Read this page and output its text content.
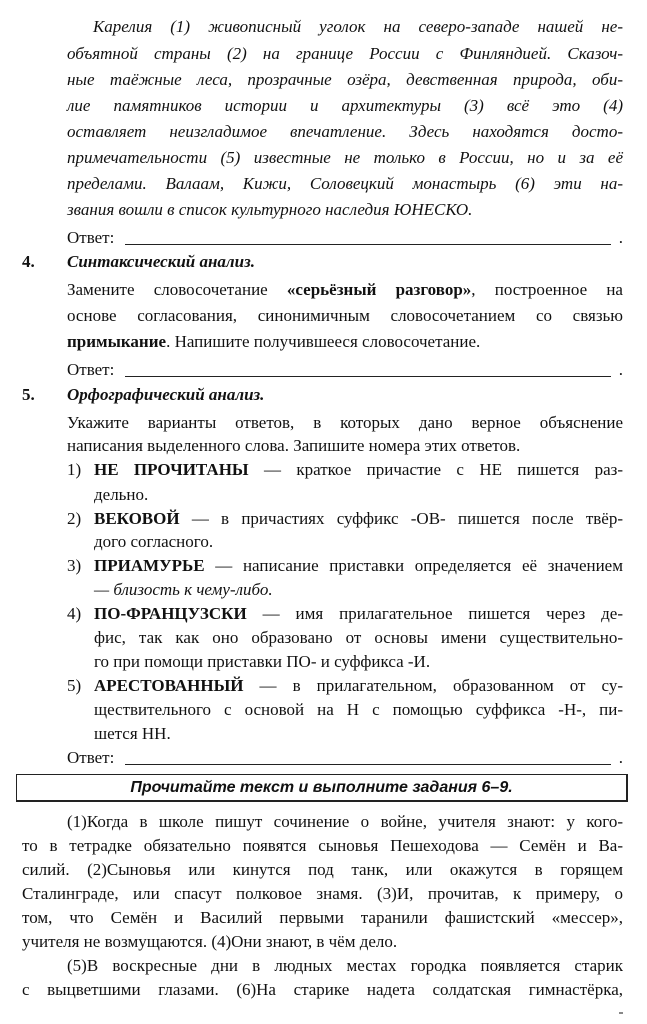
Карелия (1) живописный уголок на северо-западе нашей не-
объятной страны (2) на границе России с Финляндией. Сказоч-
ные таёжные леса, прозрачные озёра, девственная природа, оби-
лие памятников истории и архитектуры (3) всё это (4)
оставляет неизгладимое впечатление. Здесь находятся досто-
примечательности (5) известные не только в России, но и за её
пределами. Валаам, Кижи, Соловецкий монастырь (6) эти на-
звания вошли в список культурного наследия ЮНЕСКО.
Ответ:	.
4. Синтаксический анализ.
Замените словосочетание «серьёзный разговор», построенное на
основе согласования, синонимичным словосочетанием со связью
примыкание. Напишите получившееся словосочетание.
Ответ:	.
5. Орфографический анализ.
Укажите варианты ответов, в которых дано верное объяснение
написания выделенного слова. Запишите номера этих ответов.
1) НЕ ПРОЧИТАНЫ — краткое причастие с НЕ пишется раз-
дельно.
2) ВЕКОВОЙ — в причастиях суффикс -ОВ- пишется после твёр-
дого согласного.
3) ПРИАМУРЬЕ — написание приставки определяется её значением
— близость к чему-либо.
4) ПО-ФРАНЦУЗСКИ — имя прилагательное пишется через де-
фис, так как оно образовано от основы имени существительно-
го при помощи приставки ПО- и суффикса -И.
5) АРЕСТОВАННЫЙ — в прилагательном, образованном от су-
ществительного с основой на Н с помощью суффикса -Н-, пи-
шется НН.
Ответ:	.
Прочитайте текст и выполните задания 6–9.
(1)Когда в школе пишут сочинение о войне, учителя знают: у кого-
то в тетрадке обязательно появятся сыновья Пешеходова — Семён и Ва-
силий. (2)Сыновья или кинутся под танк, или окажутся в горящем
Сталинграде, или спасут полковое знамя. (3)И, прочитав, к примеру, о
том, что Семён и Василий первыми таранили фашистский «мессер»,
учителя не возмущаются. (4)Они знают, в чём дело.
(5)В воскресные дни в людных местах городка появляется старик
с выцветшими глазами. (6)На старике надета солдатская гимнастёрка,
